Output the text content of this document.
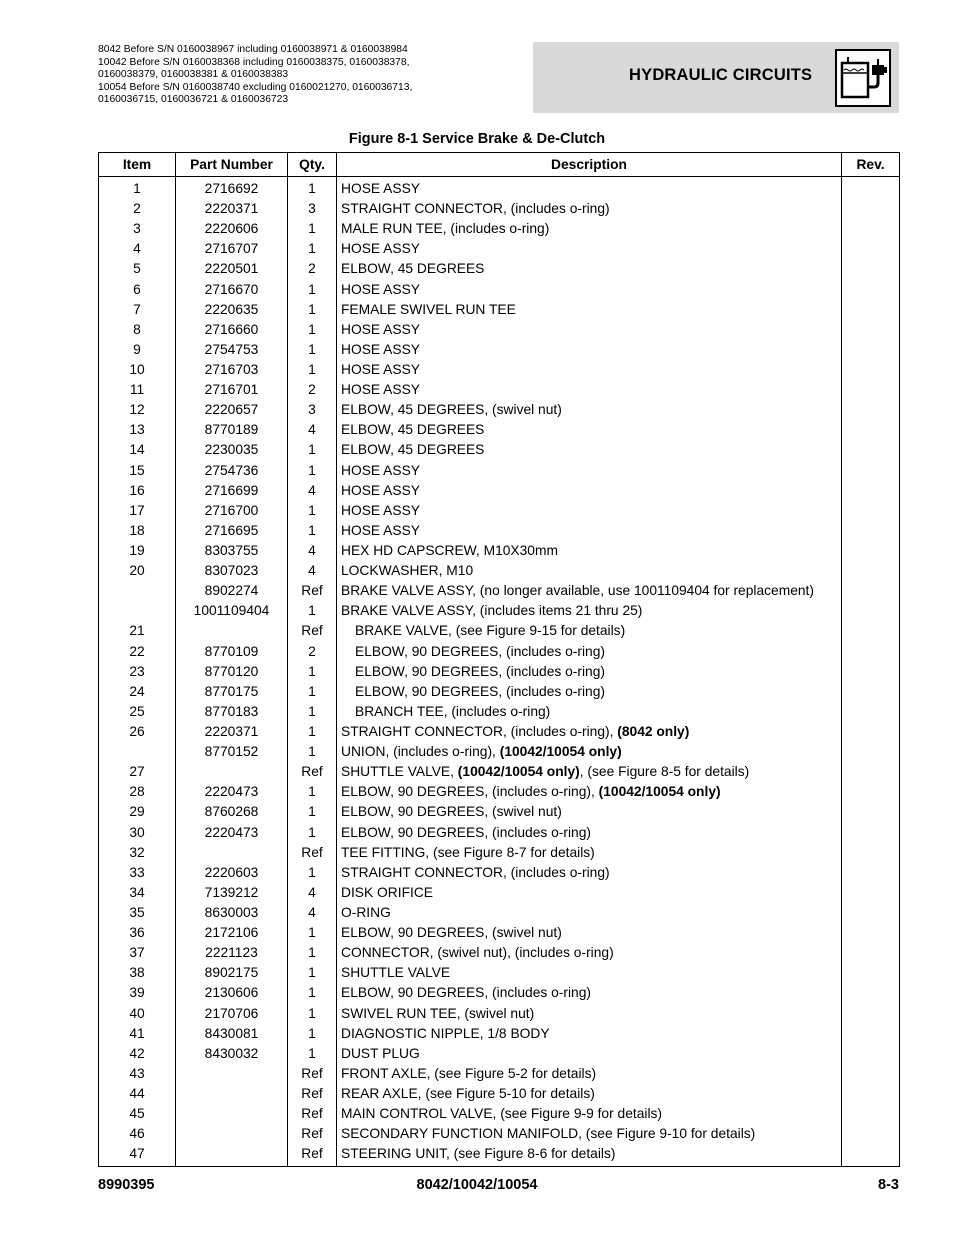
8042 Before S/N 0160038967 including 0160038971 & 0160038984
10042 Before S/N 0160038368 including 0160038375, 0160038378,
0160038379, 0160038381 & 0160038383
10054 Before S/N 0160038740 excluding 0160021270, 0160036713,
0160036715, 0160036721 & 0160036723
HYDRAULIC CIRCUITS
Figure 8-1 Service Brake & De-Clutch
Item	Part Number	Qty.	Description	Rev.
1	2716692	1	HOSE ASSY	
2	2220371	3	STRAIGHT CONNECTOR, (includes o-ring)	
3	2220606	1	MALE RUN TEE, (includes o-ring)	
4	2716707	1	HOSE ASSY	
5	2220501	2	ELBOW, 45 DEGREES	
6	2716670	1	HOSE ASSY	
7	2220635	1	FEMALE SWIVEL RUN TEE	
8	2716660	1	HOSE ASSY	
9	2754753	1	HOSE ASSY	
10	2716703	1	HOSE ASSY	
11	2716701	2	HOSE ASSY	
12	2220657	3	ELBOW, 45 DEGREES, (swivel nut)	
13	8770189	4	ELBOW, 45 DEGREES	
14	2230035	1	ELBOW, 45 DEGREES	
15	2754736	1	HOSE ASSY	
16	2716699	4	HOSE ASSY	
17	2716700	1	HOSE ASSY	
18	2716695	1	HOSE ASSY	
19	8303755	4	HEX HD CAPSCREW, M10X30mm	
20	8307023	4	LOCKWASHER, M10	
	8902274	Ref	BRAKE VALVE ASSY, (no longer available, use 1001109404 for replacement)	
	1001109404	1	BRAKE VALVE ASSY, (includes items 21 thru 25)	
21		Ref	BRAKE VALVE, (see Figure 9-15 for details)	
22	8770109	2	ELBOW, 90 DEGREES, (includes o-ring)	
23	8770120	1	ELBOW, 90 DEGREES, (includes o-ring)	
24	8770175	1	ELBOW, 90 DEGREES, (includes o-ring)	
25	8770183	1	BRANCH TEE, (includes o-ring)	
26	2220371	1	STRAIGHT CONNECTOR, (includes o-ring), (8042 only)	
	8770152	1	UNION, (includes o-ring), (10042/10054 only)	
27		Ref	SHUTTLE VALVE, (10042/10054 only), (see Figure 8-5 for details)	
28	2220473	1	ELBOW, 90 DEGREES, (includes o-ring), (10042/10054 only)	
29	8760268	1	ELBOW, 90 DEGREES, (swivel nut)	
30	2220473	1	ELBOW, 90 DEGREES, (includes o-ring)	
32		Ref	TEE FITTING, (see Figure 8-7 for details)	
33	2220603	1	STRAIGHT CONNECTOR, (includes o-ring)	
34	7139212	4	DISK ORIFICE	
35	8630003	4	O-RING	
36	2172106	1	ELBOW, 90 DEGREES, (swivel nut)	
37	2221123	1	CONNECTOR, (swivel nut), (includes o-ring)	
38	8902175	1	SHUTTLE VALVE	
39	2130606	1	ELBOW, 90 DEGREES, (includes o-ring)	
40	2170706	1	SWIVEL RUN TEE, (swivel nut)	
41	8430081	1	DIAGNOSTIC NIPPLE, 1/8 BODY	
42	8430032	1	DUST PLUG	
43		Ref	FRONT AXLE, (see Figure 5-2 for details)	
44		Ref	REAR AXLE, (see Figure 5-10 for details)	
45		Ref	MAIN CONTROL VALVE, (see Figure 9-9 for details)	
46		Ref	SECONDARY FUNCTION MANIFOLD, (see Figure 9-10 for details)	
47		Ref	STEERING UNIT, (see Figure 8-6 for details)	
8990395	8042/10042/10054	8-3
